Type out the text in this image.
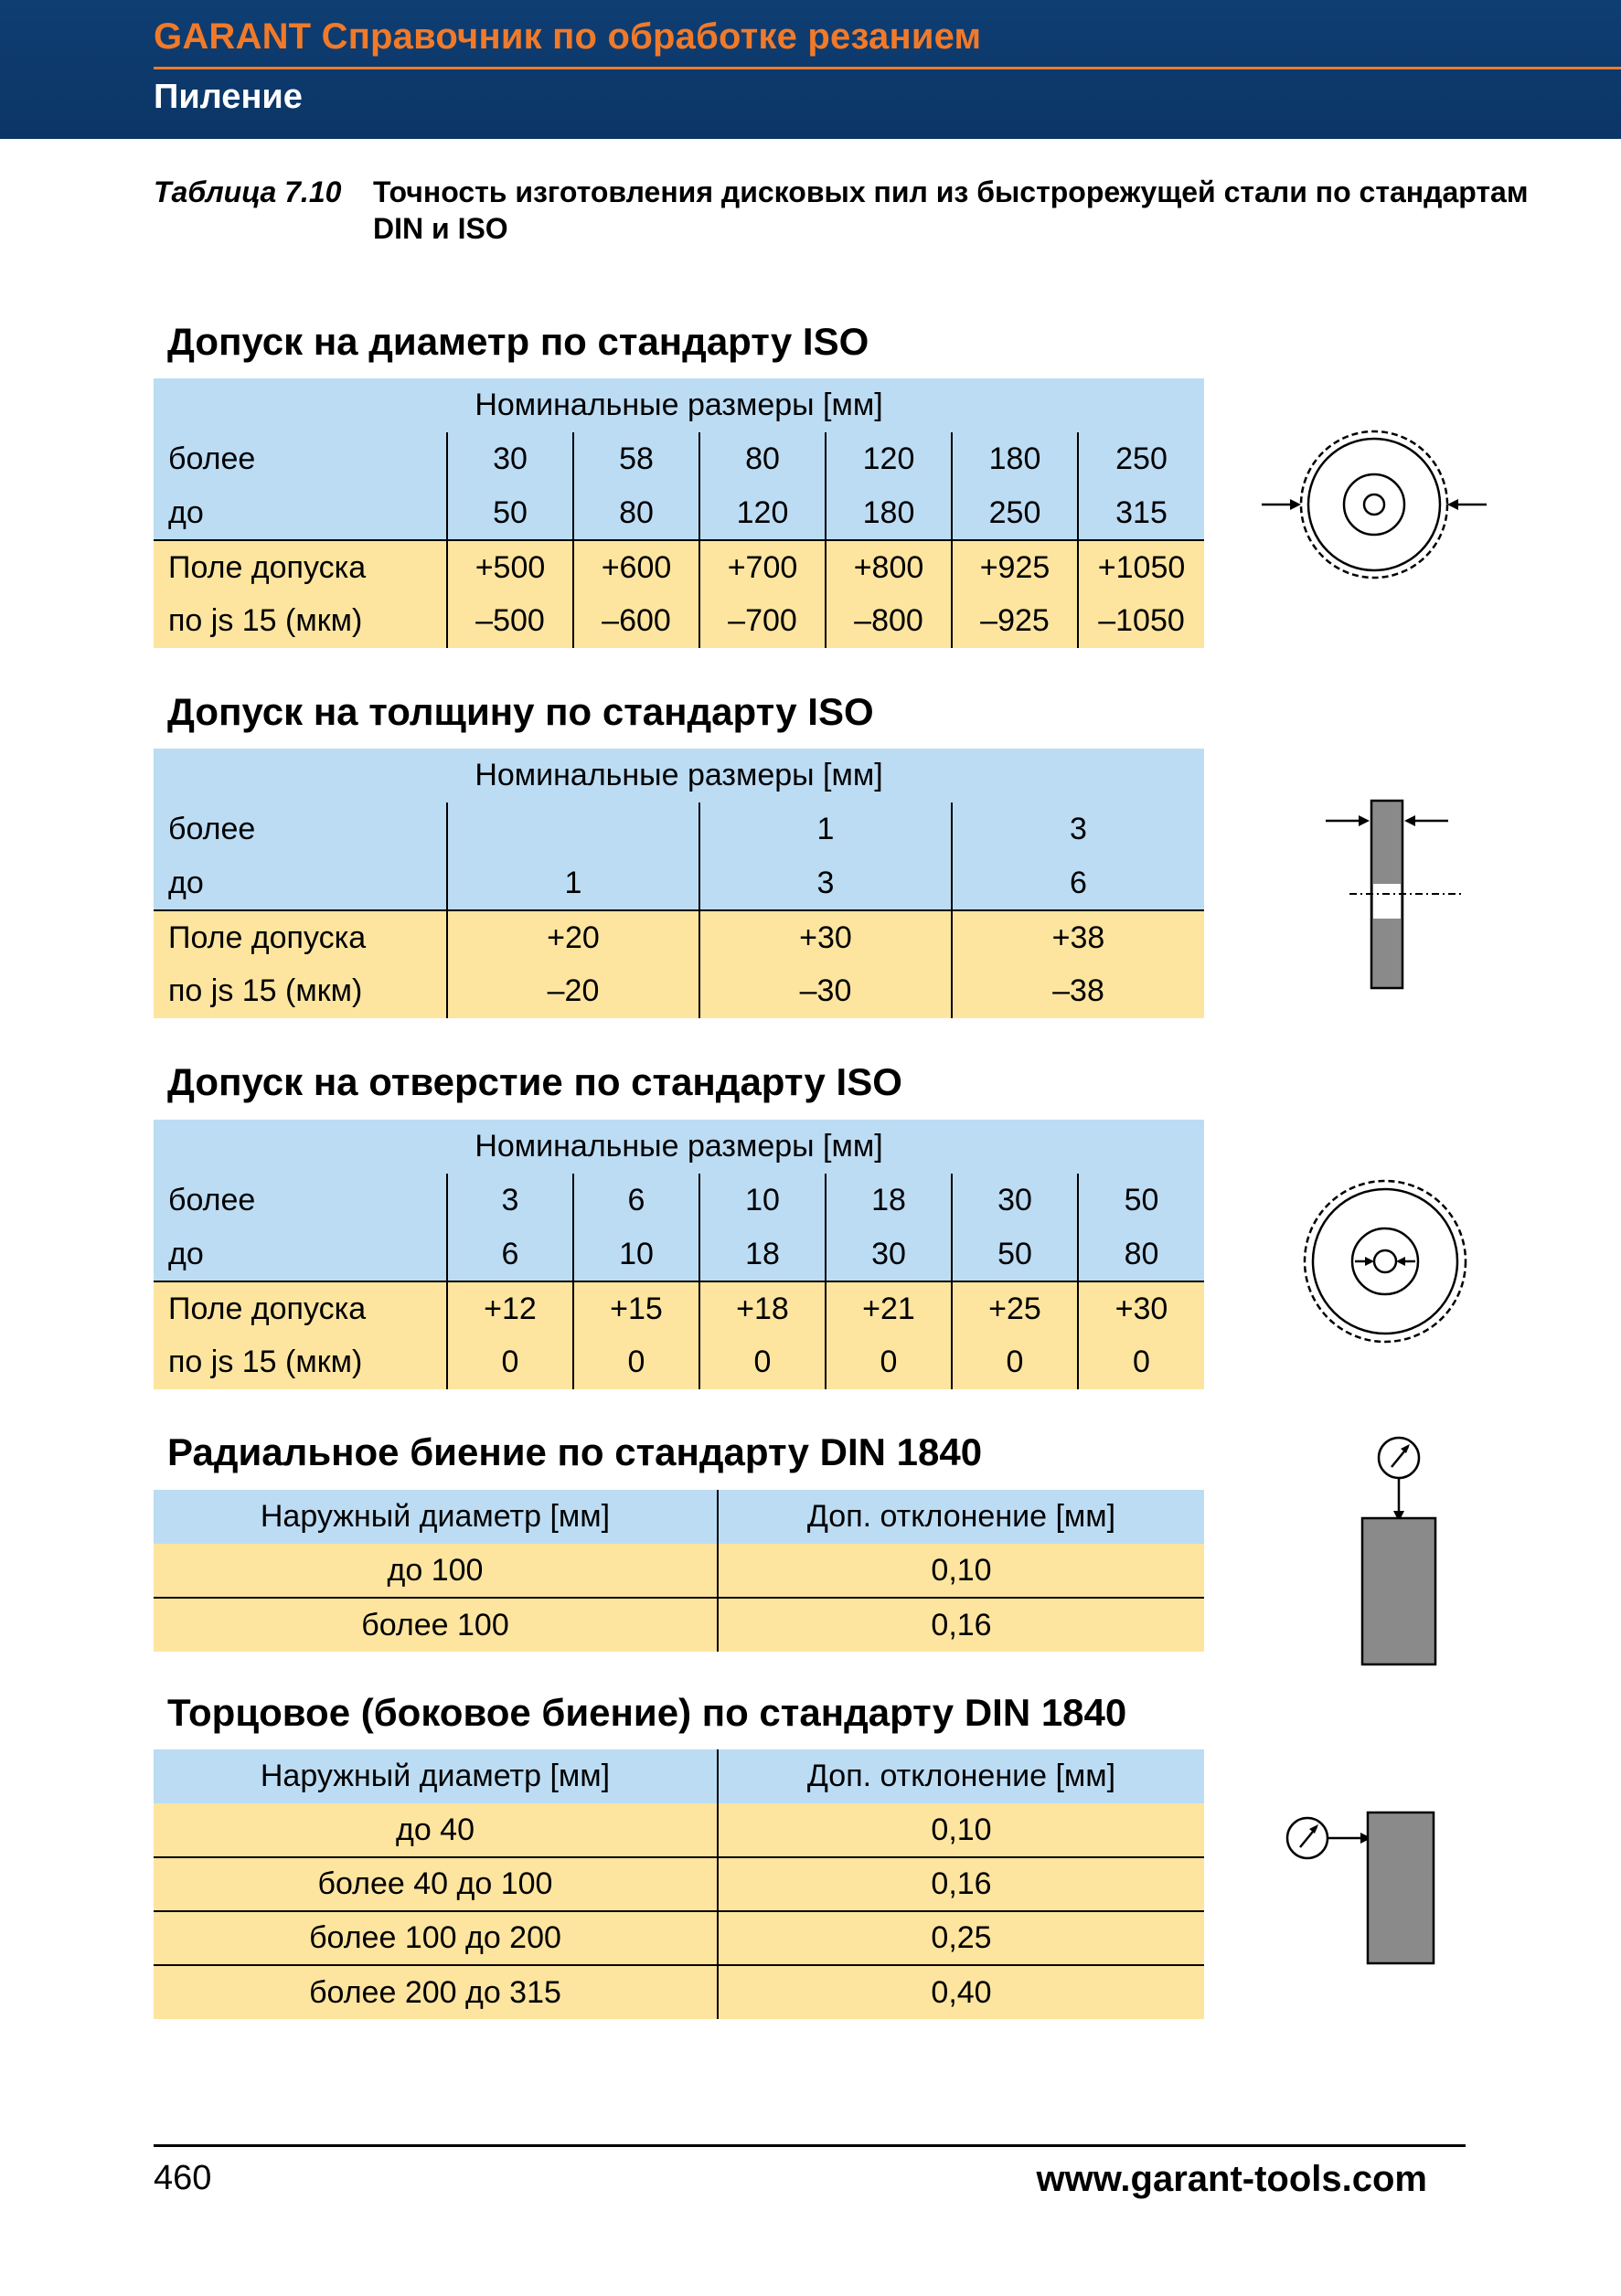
GARANT Справочник по обработке резанием
Пиление
Таблица 7.10 Точность изготовления дисковых пил из быстрорежущей стали по стандартам DIN и ISO
Допуск на диаметр по стандарту ISO
Номинальные размеры [мм]						
более	30	58	80	120	180	250
до	50	80	120	180	250	315
Поле допуска	+500	+600	+700	+800	+925	+1050
по js 15 (мкм)	–500	–600	–700	–800	–925	–1050
Допуск на толщину по стандарту ISO
Номинальные размеры [мм]			
более		1	3
до	1	3	6
Поле допуска	+20	+30	+38
по js 15 (мкм)	–20	–30	–38
Допуск на отверстие по стандарту ISO
Номинальные размеры [мм]						
более	3	6	10	18	30	50
до	6	10	18	30	50	80
Поле допуска	+12	+15	+18	+21	+25	+30
по js 15 (мкм)	0	0	0	0	0	0
Радиальное биение по стандарту DIN 1840
Наружный диаметр [мм]	Доп. отклонение [мм]
до 100	0,10
более 100	0,16
Торцовое (боковое биение) по стандарту DIN 1840
Наружный диаметр [мм]	Доп. отклонение [мм]
до 40	0,10
более 40 до 100	0,16
более 100 до 200	0,25
более 200 до 315	0,40
460	www.garant-tools.com
